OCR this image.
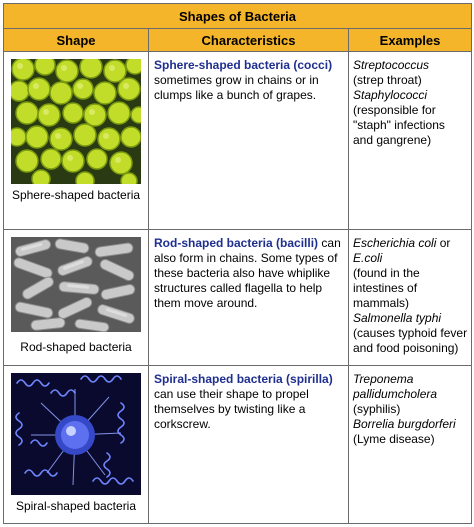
Shapes of Bacteria		
Shape	Characteristics	Examples

Sphere-shaped bacteria	Sphere-shaped bacteria (cocci) sometimes grow in chains or in clumps like a bunch of grapes.	Streptococcus
(strep throat)
Staphylococci
(responsible for "staph" infections and gangrene)

Rod-shaped bacteria	Rod-shaped bacteria (bacilli) can also form in chains. Some types of these bacteria also have whiplike structures called flagella to help them move around.	Escherichia coli or
E.coli
(found in the intestines of mammals)
Salmonella typhi
(causes typhoid fever and food poisoning)

Spiral-shaped bacteria	Spiral-shaped bacteria (spirilla) can use their shape to propel themselves by twisting like a corkscrew.	Treponema pallidumcholera
(syphilis)
Borrelia burgdorferi
(Lyme disease)
